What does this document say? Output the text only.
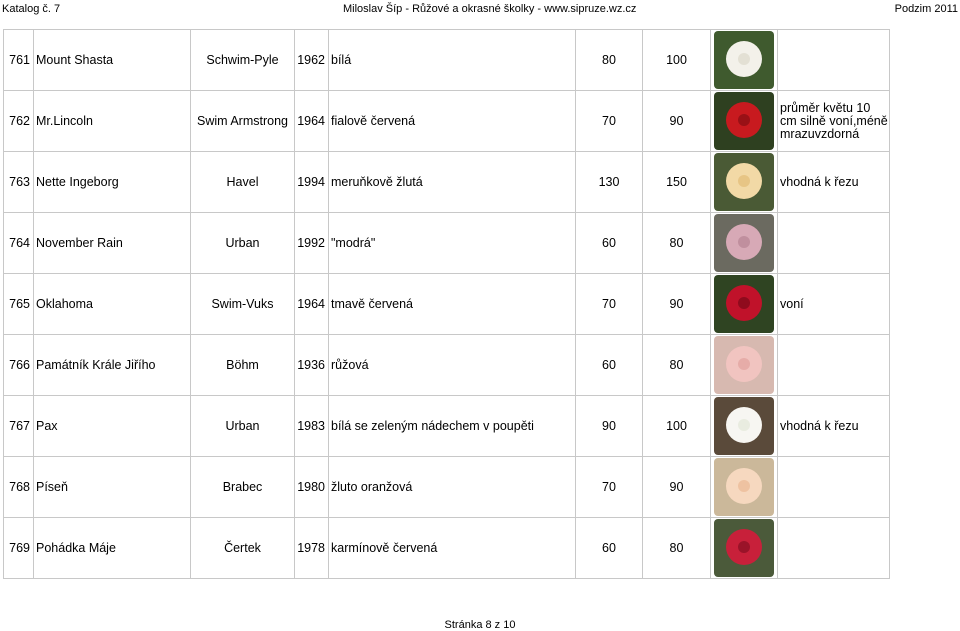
Katalog č. 7	Miloslav Šíp - Růžové a okrasné školky - www.sipruze.wz.cz	Podzim 2011
761	Mount Shasta	Schwim-Pyle	1962	bílá	80	100	

762	Mr.Lincoln	Swim Armstrong	1964	fialově červená	70	90		průměr květu 10 cm silně voní,méně mrazuvzdorná
763	Nette Ingeborg	Havel	1994	meruňkově žlutá	130	150		vhodná k řezu
764	November Rain	Urban	1992	"modrá"	60	80	

765	Oklahoma	Swim-Vuks	1964	tmavě červená	70	90		voní
766	Památník Krále Jiřího	Böhm	1936	růžová	60	80	

767	Pax	Urban	1983	bílá se zeleným nádechem v poupěti	90	100		vhodná k řezu
768	Píseň	Brabec	1980	žluto oranžová	70	90	

769	Pohádka Máje	Čertek	1978	karmínově červená	60	80	

Stránka 8 z 10
